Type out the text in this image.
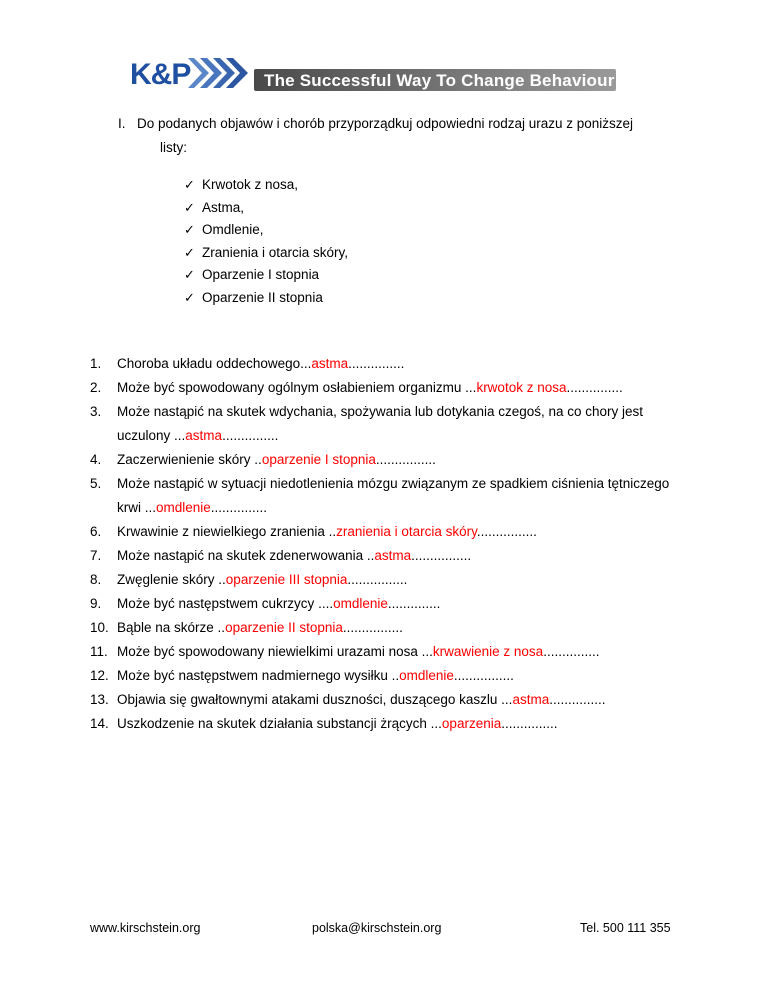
K&P	The Successful Way To Change Behaviour
I. Do podanych objawów i chorób przyporządkuj odpowiedni rodzaj urazu z poniższej
listy:
✓ Krwotok z nosa,
✓ Astma,
✓ Omdlenie,
✓ Zranienia i otarcia skóry,
✓ Oparzenie I stopnia
✓ Oparzenie II stopnia
1. Choroba układu oddechowego...astma...............
2. Może być spowodowany ogólnym osłabieniem organizmu ...krwotok z nosa...............
3. Może nastąpić na skutek wdychania, spożywania lub dotykania czegoś, na co chory jest uczulony ...astma...............
4. Zaczerwienienie skóry ..oparzenie I stopnia................
5. Może nastąpić w sytuacji niedotlenienia mózgu związanym ze spadkiem ciśnienia tętniczego krwi ...omdlenie...............
6. Krwawinie z niewielkiego zranienia ..zranienia i otarcia skóry................
7. Może nastąpić na skutek zdenerwowania ..astma................
8. Zwęglenie skóry ..oparzenie III stopnia................
9. Może być następstwem cukrzycy ....omdlenie..............
10. Bąble na skórze ..oparzenie II stopnia................
11. Może być spowodowany niewielkimi urazami nosa ...krwawienie z nosa...............
12. Może być następstwem nadmiernego wysiłku ..omdlenie................
13. Objawia się gwałtownymi atakami duszności, duszącego kaszlu ...astma...............
14. Uszkodzenie na skutek działania substancji żrących ...oparzenia...............
www.kirschstein.org	polska@kirschstein.org	Tel. 500 111 355
